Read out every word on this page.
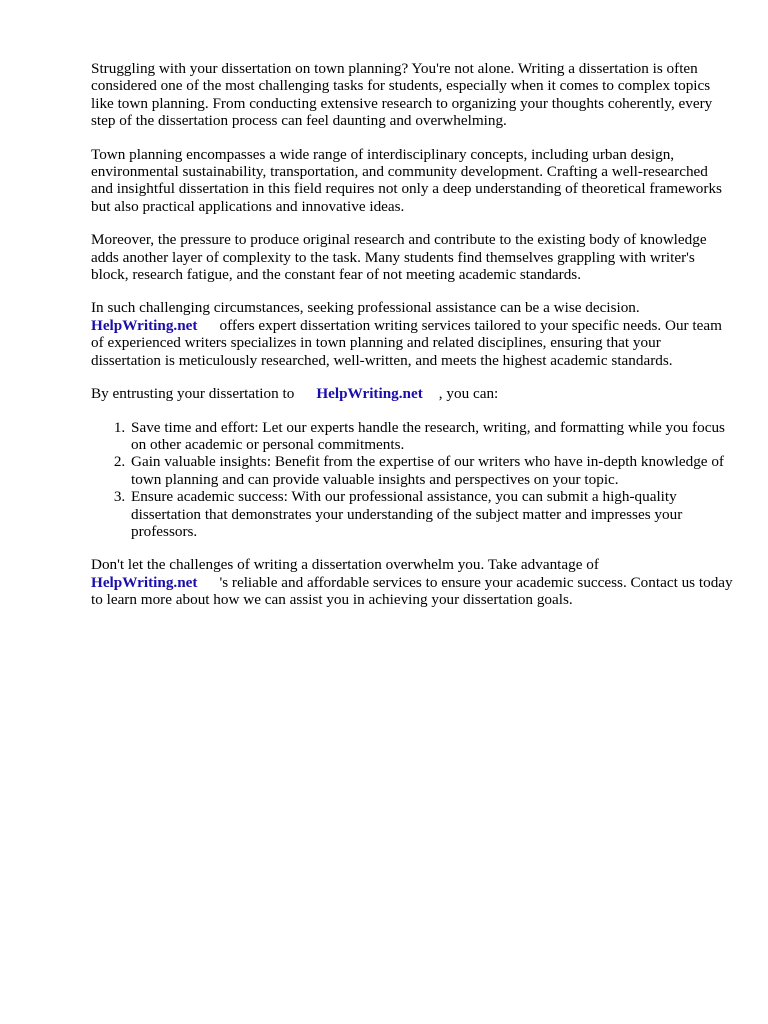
Struggling with your dissertation on town planning? You're not alone. Writing a dissertation is often considered one of the most challenging tasks for students, especially when it comes to complex topics like town planning. From conducting extensive research to organizing your thoughts coherently, every step of the dissertation process can feel daunting and overwhelming.

Town planning encompasses a wide range of interdisciplinary concepts, including urban design, environmental sustainability, transportation, and community development. Crafting a well-researched and insightful dissertation in this field requires not only a deep understanding of theoretical frameworks but also practical applications and innovative ideas.

Moreover, the pressure to produce original research and contribute to the existing body of knowledge adds another layer of complexity to the task. Many students find themselves grappling with writer's block, research fatigue, and the constant fear of not meeting academic standards.

In such challenging circumstances, seeking professional assistance can be a wise decision.
HelpWriting.net offers expert dissertation writing services tailored to your specific needs. Our team of experienced writers specializes in town planning and related disciplines, ensuring that your dissertation is meticulously researched, well-written, and meets the highest academic standards.

By entrusting your dissertation to HelpWriting.net , you can:

1. Save time and effort: Let our experts handle the research, writing, and formatting while you focus on other academic or personal commitments.
2. Gain valuable insights: Benefit from the expertise of our writers who have in-depth knowledge of town planning and can provide valuable insights and perspectives on your topic.
3. Ensure academic success: With our professional assistance, you can submit a high-quality dissertation that demonstrates your understanding of the subject matter and impresses your professors.

Don't let the challenges of writing a dissertation overwhelm you. Take advantage of
HelpWriting.net 's reliable and affordable services to ensure your academic success. Contact us today to learn more about how we can assist you in achieving your dissertation goals.
